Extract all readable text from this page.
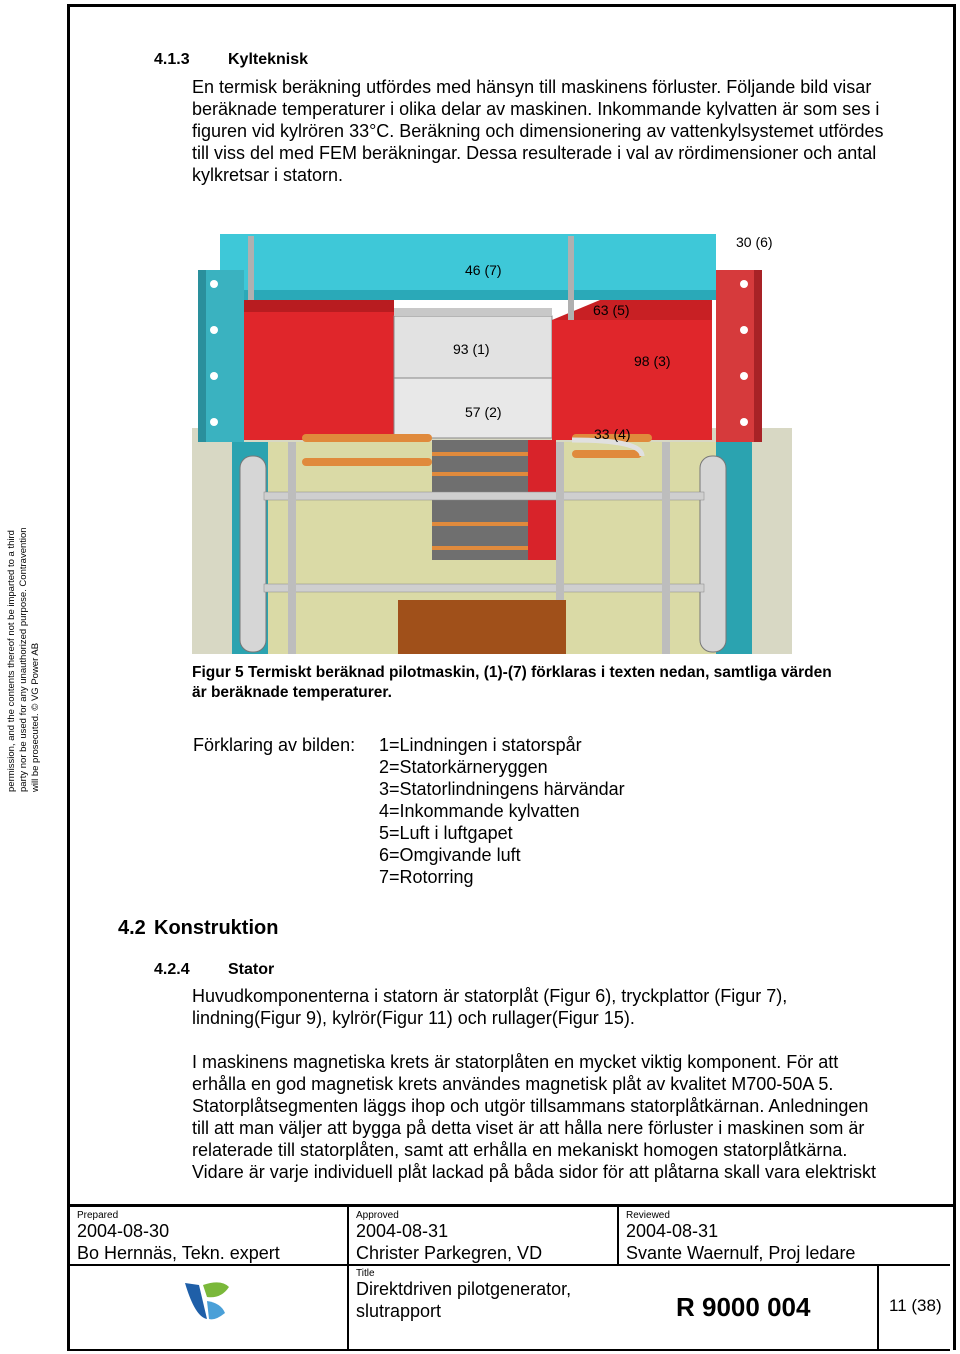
permission, and the contents thereof not be imparted to a third party nor be used for any unauthorized purpose. Contravention will be prosecuted. © VG Power AB
4.1.3 Kylteknisk
En termisk beräkning utfördes med hänsyn till maskinens förluster. Följande bild visar
beräknade temperaturer i olika delar av maskinen. Inkommande kylvatten är som ses i
figuren vid kylrören 33°C. Beräkning och dimensionering av vattenkylsystemet utfördes
till viss del med FEM beräkningar. Dessa resulterade i val av rördimensioner och antal
kylkretsar i statorn.
30 (6)
46 (7)
63 (5)
93 (1)
98 (3)
57 (2)
33 (4)
Figur 5 Termiskt beräknad pilotmaskin, (1)-(7) förklaras i texten nedan, samtliga värden
är beräknade temperaturer.
Förklaring av bilden: 1=Lindningen i statorspår
2=Statorkärneryggen
3=Statorlindningens härvändar
4=Inkommande kylvatten
5=Luft i luftgapet
6=Omgivande luft
7=Rotorring
4.2 Konstruktion
4.2.4 Stator
Huvudkomponenterna i statorn är statorplåt (Figur 6), tryckplattor (Figur 7),
lindning(Figur 9), kylrör(Figur 11) och rullager(Figur 15).
I maskinens magnetiska krets är statorplåten en mycket viktig komponent. För att
erhålla en god magnetisk krets användes magnetisk plåt av kvalitet M700-50A 5.
Statorplåtsegmenten läggs ihop och utgör tillsammans statorplåtkärnan. Anledningen
till att man väljer att bygga på detta viset är att hålla nere förluster i maskinen som är
relaterade till statorplåten, samt att erhålla en mekaniskt homogen statorplåtkärna.
Vidare är varje individuell plåt lackad på båda sidor för att plåtarna skall vara elektriskt
Prepared
2004-08-30
Bo Hernnäs, Tekn. expert
Approved
2004-08-31
Christer Parkegren, VD
Reviewed
2004-08-31
Svante Waernulf, Proj ledare
Title
Direktdriven pilotgenerator,
slutrapport	R 9000 004	11 (38)
